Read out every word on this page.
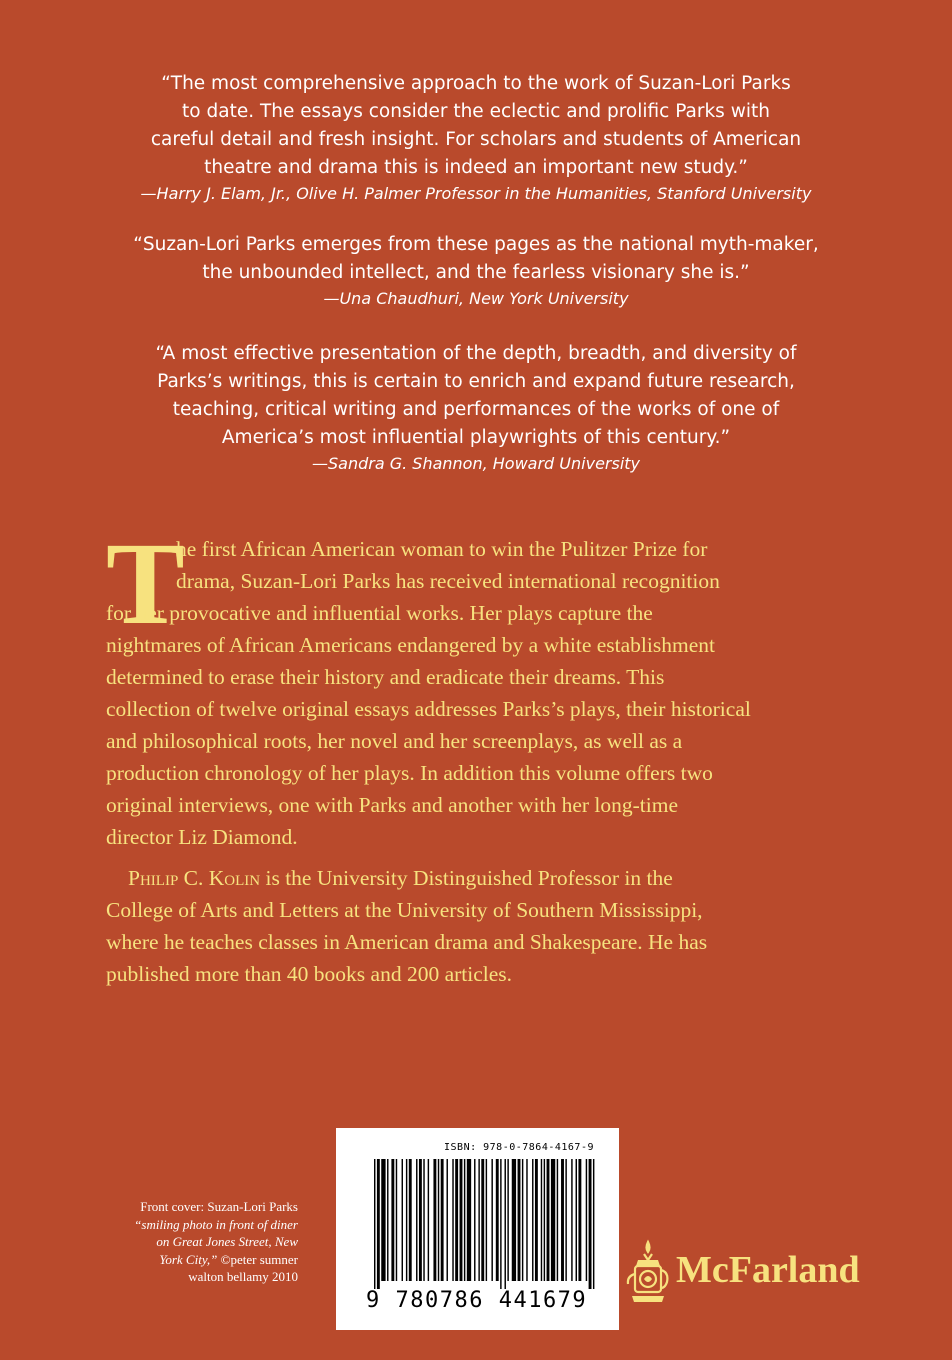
“The most comprehensive approach to the work of Suzan-Lori Parks
to date. The essays consider the eclectic and prolific Parks with
careful detail and fresh insight. For scholars and students of American
theatre and drama this is indeed an important new study.”
—Harry J. Elam, Jr., Olive H. Palmer Professor in the Humanities, Stanford University
“Suzan-Lori Parks emerges from these pages as the national myth-maker,
the unbounded intellect, and the fearless visionary she is.”
—Una Chaudhuri, New York University
“A most effective presentation of the depth, breadth, and diversity of
Parks’s writings, this is certain to enrich and expand future research,
teaching, critical writing and performances of the works of one of
America’s most influential playwrights of this century.”
—Sandra G. Shannon, Howard University
T
he first African American woman to win the Pulitzer Prize for
drama, Suzan-Lori Parks has received international recognition
for her provocative and influential works. Her plays capture the
nightmares of African Americans endangered by a white establishment
determined to erase their history and eradicate their dreams. This
collection of twelve original essays addresses Parks’s plays, their historical
and philosophical roots, her novel and her screenplays, as well as a
production chronology of her plays. In addition this volume offers two
original interviews, one with Parks and another with her long-time
director Liz Diamond.
Philip C. Kolin is the University Distinguished Professor in the
College of Arts and Letters at the University of Southern Mississippi,
where he teaches classes in American drama and Shakespeare. He has
published more than 40 books and 200 articles.
Front cover: Suzan-Lori Parks
“smiling photo in front of diner
on Great Jones Street, New
York City,” ©peter sumner
walton bellamy 2010
ISBN: 978-0-7864-4167-9
9 780786 441679
McFarland
